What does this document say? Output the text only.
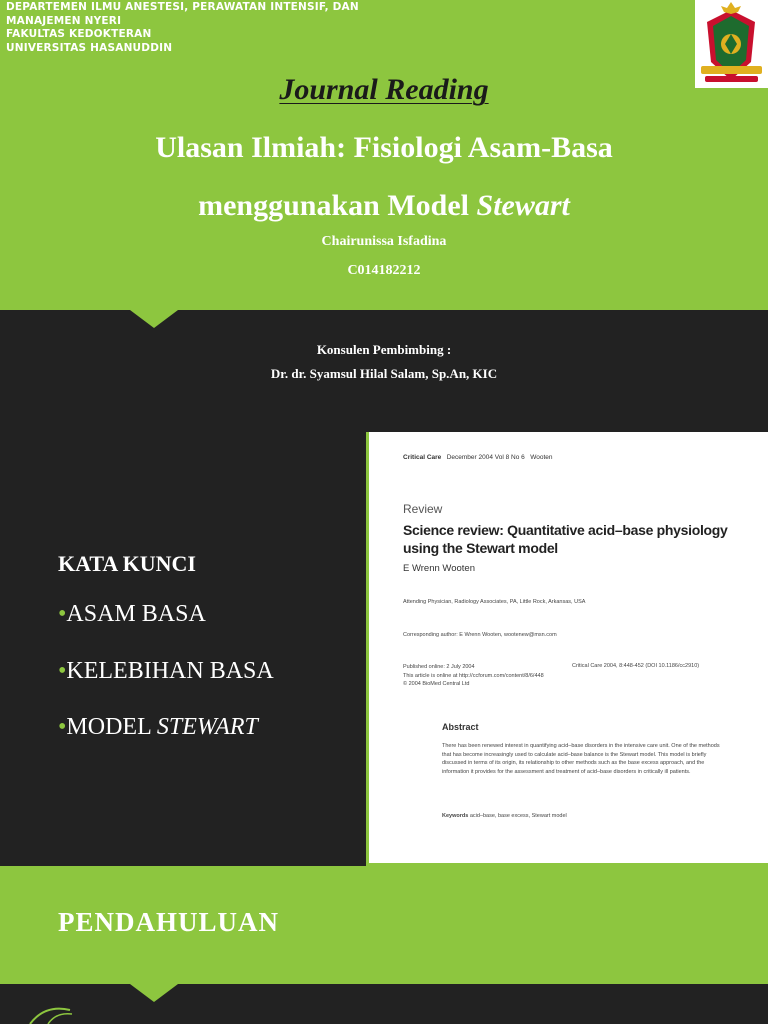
DEPARTEMEN ILMU ANESTESI, PERAWATAN INTENSIF, DAN
MANAJEMEN NYERI
FAKULTAS KEDOKTERAN
UNIVERSITAS HASANUDDIN

Journal Reading
Ulasan Ilmiah: Fisiologi Asam-Basa
menggunakan Model Stewart

Chairunissa Isfadina

C014182212

Konsulen Pembimbing :

Dr. dr. Syamsul Hilal Salam, Sp.An, KIC

KATA KUNCI

•ASAM BASA

•KELEBIHAN BASA

•MODEL STEWART

Critical Care December 2004 Vol 8 No 6 Wooten

Review

Science review: Quantitative acid–base physiology using the Stewart model

E Wrenn Wooten

Attending Physician, Radiology Associates, PA, Little Rock, Arkansas, USA

Corresponding author: E Wrenn Wooten, wootenew@msn.com

Published online: 2 July 2004
This article is online at http://ccforum.com/content/8/6/448
© 2004 BioMed Central Ltd

Critical Care 2004, 8:448-452 (DOI 10.1186/cc2910)

Abstract

There has been renewed interest in quantifying acid–base disorders in the intensive care unit. One of the methods that has become increasingly used to calculate acid–base balance is the Stewart model. This model is briefly discussed in terms of its origin, its relationship to other methods such as the base excess approach, and the information it provides for the assessment and treatment of acid–base disorders in critically ill patients.

Keywords acid–base, base excess, Stewart model

PENDAHULUAN
